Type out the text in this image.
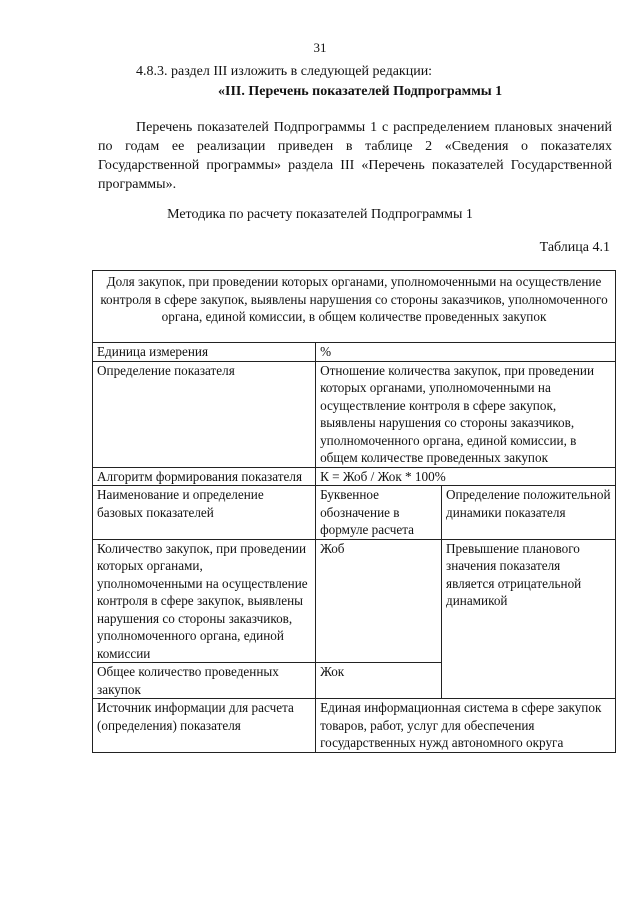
31
4.8.3. раздел III изложить в следующей редакции:
«III. Перечень показателей Подпрограммы 1
Перечень показателей Подпрограммы 1 с распределением плановых значений по годам ее реализации приведен в таблице 2 «Сведения о показателях Государственной программы» раздела III «Перечень показателей Государственной программы».
Методика по расчету показателей Подпрограммы 1
Таблица 4.1
Доля закупок, при проведении которых органами, уполномоченными на осуществление контроля в сфере закупок, выявлены нарушения со стороны заказчиков, уполномоченного органа, единой комиссии, в общем количестве проведенных закупок		
Единица измерения	%	
Определение показателя	Отношение количества закупок, при проведении которых органами, уполномоченными на осуществление контроля в сфере закупок, выявлены нарушения со стороны заказчиков, уполномоченного органа, единой комиссии, в общем количестве проведенных закупок	
Алгоритм формирования показателя	К = Жоб / Жок * 100%	
Наименование и определение базовых показателей	Буквенное обозначение в формуле расчета	Определение положительной динамики показателя
Количество закупок, при проведении которых органами, уполномоченными на осуществление контроля в сфере закупок, выявлены нарушения со стороны заказчиков, уполномоченного органа, единой комиссии	Жоб	Превышение планового значения показателя является отрицательной динамикой
Общее количество проведенных закупок	Жок	
Источник информации для расчета (определения) показателя	Единая информационная система в сфере закупок товаров, работ, услуг для обеспечения государственных нужд автономного округа	
